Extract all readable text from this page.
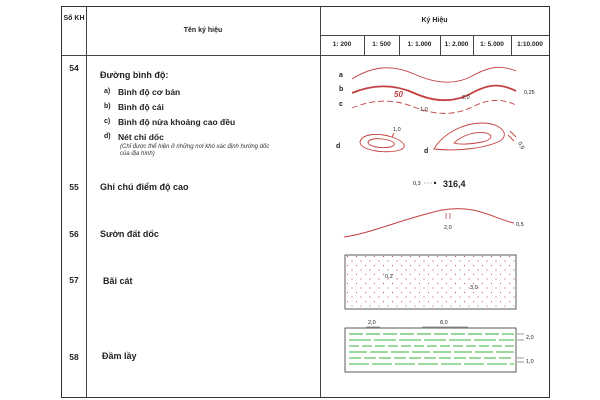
Số KH
Tên ký hiệu
Ký Hiệu
1: 200	1: 500	1: 1.000	1: 2.000	1: 5.000	1:10.000
54
Đường bình độ:
a) Bình độ cơ bản
b) Bình độ cái
c) Bình độ nửa khoảng cao đều
d) Nét chỉ dốc
(Chỉ được thể hiện ở những nơi khó xác định hướng dốc của địa hình)
55	Ghi chú điểm độ cao
56	Sườn đất dốc
57	Bãi cát
58	Đầm lầy
a
b
c
50	2,0
1,0
0,25
d
1,0
d
0,5
0,3 316,4
2,0	0,5
0,2
3,0
2,0	8,0
2,0
1,0
